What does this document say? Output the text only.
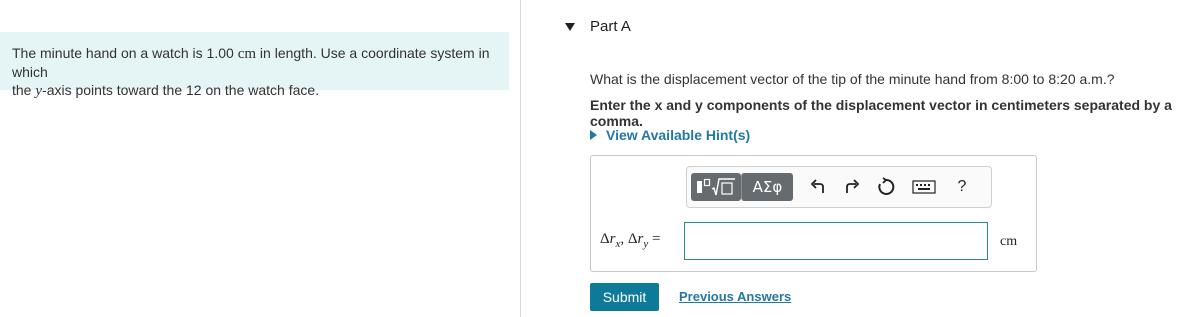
The minute hand on a watch is 1.00 cm in length. Use a coordinate system in which
the y-axis points toward the 12 on the watch face.
Part A
What is the displacement vector of the tip of the minute hand from 8:00 to 8:20 a.m.?
Enter the x and y components of the displacement vector in centimeters separated by a comma.
View Available Hint(s)
ΑΣφ	?
$\Delta r_x$, $\Delta r_y$ =	cm
Submit	Previous Answers
